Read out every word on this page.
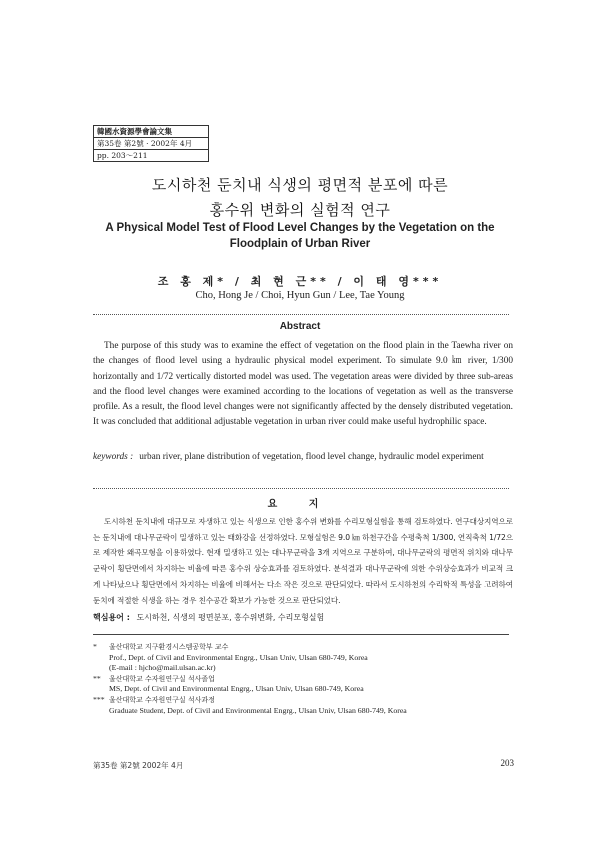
韓國水資源學會論文集
第35卷 第2號 · 2002年 4月
pp. 203～211
도시하천 둔치내 식생의 평면적 분포에 따른
홍수위 변화의 실험적 연구
A Physical Model Test of Flood Level Changes by the Vegetation on the
Floodplain of Urban River
조 홍 제* / 최 현 근** / 이 태 영***
Cho, Hong Je / Choi, Hyun Gun / Lee, Tae Young
Abstract

The purpose of this study was to examine the effect of vegetation on the flood plain in the Taewha river on the changes of flood level using a hydraulic physical model experiment. To simulate 9.0 ㎞ river, 1/300 horizontally and 1/72 vertically distorted model was used. The vegetation areas were divided by three sub-areas and the flood level changes were examined according to the locations of vegetation as well as the transverse profile. As a result, the flood level changes were not significantly affected by the densely distributed vegetation. It was concluded that additional adjustable vegetation in urban river could make useful hydrophilic space.

keywords : urban river, plane distribution of vegetation, flood level change, hydraulic model experiment
요 지

도시하천 둔치내에 대규모로 자생하고 있는 식생으로 인한 홍수위 변화를 수리모형실험을 통해 검토하였다. 연구대상지역으로는 둔치내에 대나무군락이 밀생하고 있는 태화강을 선정하였다. 모형실험은 9.0 ㎞ 하천구간을 수평축척 1/300, 연직축척 1/72으로 제작한 왜곡모형을 이용하였다. 현재 밀생하고 있는 대나무군락을 3개 지역으로 구분하여, 대나무군락의 평면적 위치와 대나무군락이 횡단면에서 차지하는 비율에 따른 홍수위 상승효과를 검토하였다. 분석결과 대나무군락에 의한 수위상승효과가 비교적 크게 나타났으나 횡단면에서 차지하는 비율에 비해서는 다소 작은 것으로 판단되었다. 따라서 도시하천의 수리학적 특성을 고려하여 둔치에 적절한 식생을 하는 경우 친수공간 확보가 가능한 것으로 판단되었다.

핵심용어 : 도시하천, 식생의 평면분포, 홍수위변화, 수리모형실험
*	울산대학교 지구환경시스템공학부 교수
Prof., Dept. of Civil and Environmental Engrg., Ulsan Univ, Ulsan 680-749, Korea
(E-mail : hjcho@mail.ulsan.ac.kr)
**	울산대학교 수자원연구실 석사졸업
MS, Dept. of Civil and Environmental Engrg., Ulsan Univ, Ulsan 680-749, Korea
*** 울산대학교 수자원연구실 석사과정
Graduate Student, Dept. of Civil and Environmental Engrg., Ulsan Univ, Ulsan 680-749, Korea
第35卷 第2號 2002年 4月	203
